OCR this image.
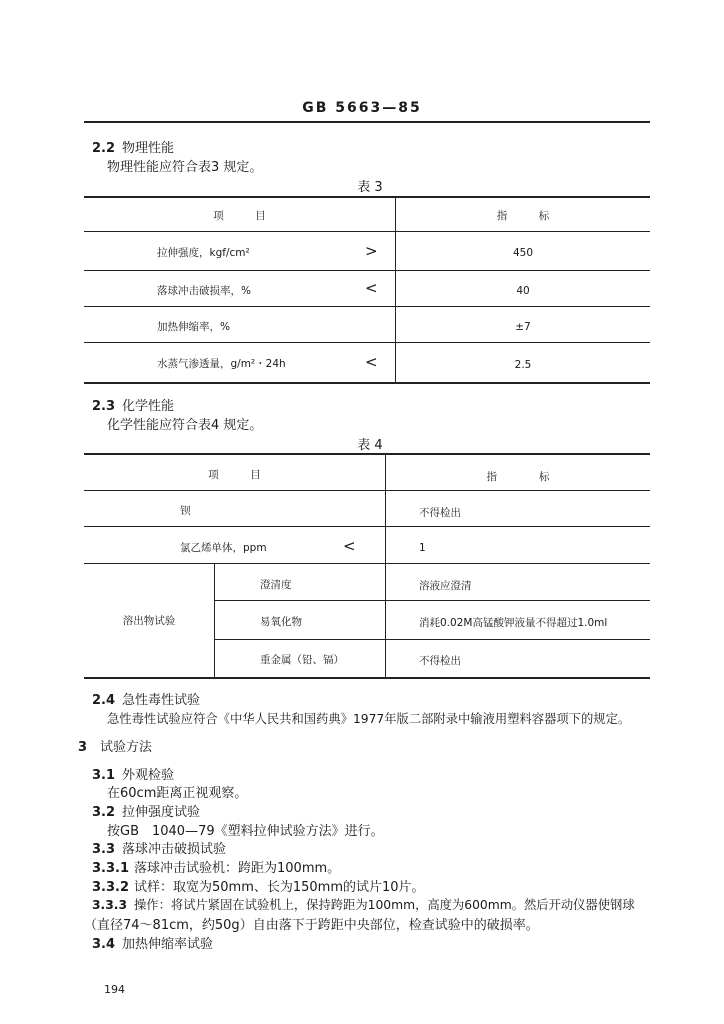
GB 5663—85
2.2 物理性能
物理性能应符合表3 规定。
表 3
项　　　目	指　　　标
拉伸强度，kgf/cm²	>	450
落球冲击破损率，%	<	40
加热伸缩率，%	±7
水蒸气渗透量，g/m²・24h	<	2.5
2.3 化学性能
化学性能应符合表4 规定。
表 4
项　　　目	指　　　　标
钡	不得检出
氯乙烯单体，ppm	<	1
溶出物试验
澄清度	溶液应澄清
易氧化物	消耗0.02M高锰酸钾液量不得超过1.0ml
重金属（铅、镉）	不得检出
2.4 急性毒性试验
急性毒性试验应符合《中华人民共和国药典》1977年版二部附录中输液用塑料容器项下的规定。
3 试验方法
3.1 外观检验
在60cm距离正视观察。
3.2 拉伸强度试验
按GB　1040—79《塑料拉伸试验方法》进行。
3.3 落球冲击破损试验
3.3.1 落球冲击试验机：跨距为100mm。
3.3.2 试样：取宽为50mm、长为150mm的试片10片。
3.3.3 操作：将试片紧固在试验机上，保持跨距为100mm，高度为600mm。然后开动仪器使钢球
（直径74～81cm，约50g）自由落下于跨距中央部位，检查试验中的破损率。
3.4 加热伸缩率试验
194
